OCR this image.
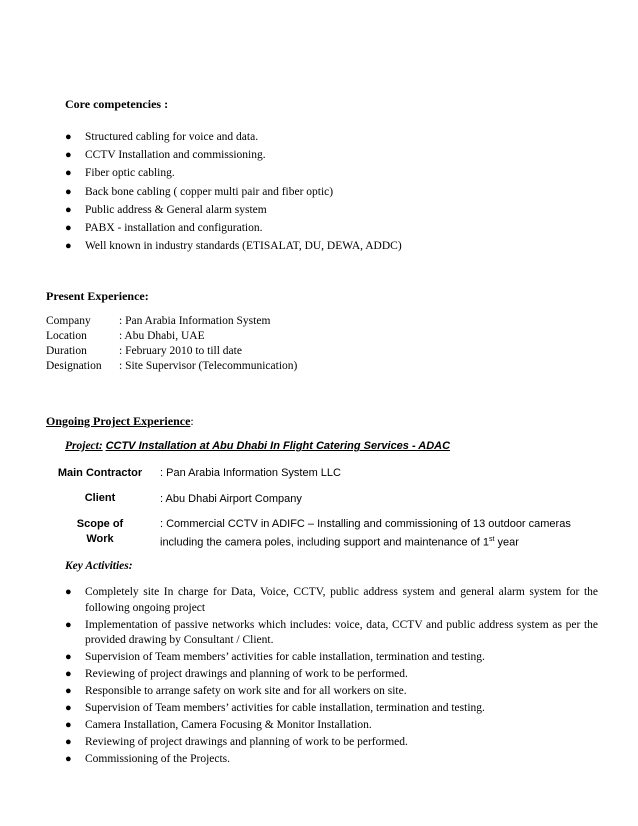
Core competencies :
● Structured cabling for voice and data.
● CCTV Installation and commissioning.
● Fiber optic cabling.
● Back bone cabling ( copper multi pair and fiber optic)
● Public address & General alarm system
● PABX - installation and configuration.
● Well known in industry standards (ETISALAT, DU, DEWA, ADDC)
Present Experience:
Company : Pan Arabia Information System
Location	: Abu Dhabi, UAE
Duration	: February 2010 to till date
Designation : Site Supervisor (Telecommunication)
Ongoing Project Experience:
Project: CCTV Installation at Abu Dhabi In Flight Catering Services - ADAC
Main Contractor	: Pan Arabia Information System LLC
Client	: Abu Dhabi Airport Company
Scope of
Work
: Commercial CCTV in ADIFC – Installing and commissioning of 13 outdoor cameras
including the camera poles, including support and maintenance of 1st year
Key Activities:
● Completely site In charge for Data, Voice, CCTV, public address system and general alarm system for the following ongoing project
● Implementation of passive networks which includes: voice, data, CCTV and public address system as per the provided drawing by Consultant / Client.
● Supervision of Team members’ activities for cable installation, termination and testing.
● Reviewing of project drawings and planning of work to be performed.
● Responsible to arrange safety on work site and for all workers on site.
● Supervision of Team members’ activities for cable installation, termination and testing.
● Camera Installation, Camera Focusing & Monitor Installation.
● Reviewing of project drawings and planning of work to be performed.
● Commissioning of the Projects.
